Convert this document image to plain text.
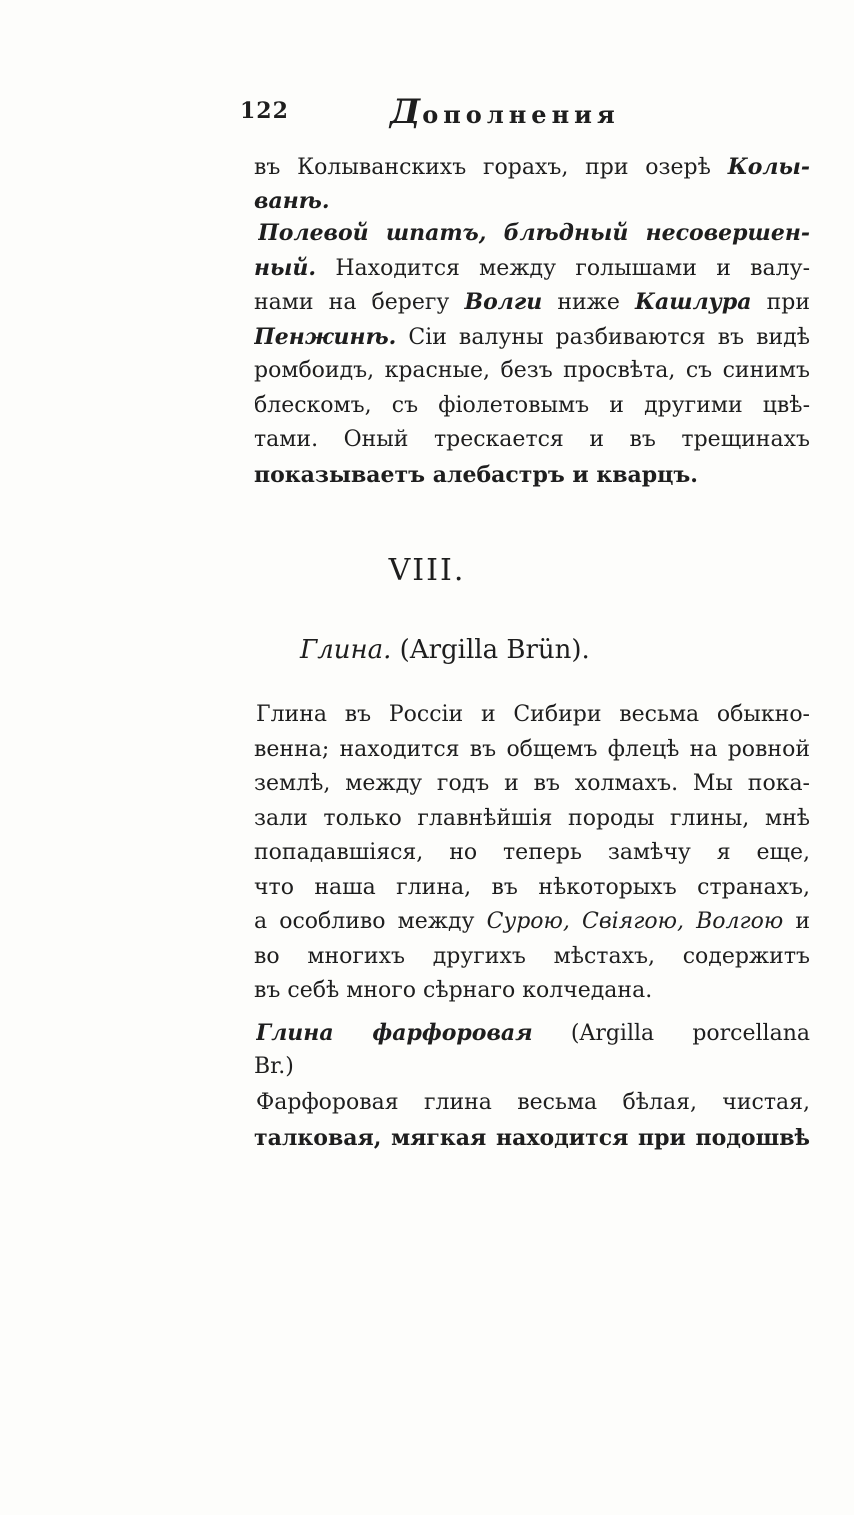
122	Дополнения
въ Колыванскихъ горахъ, при озерѣ Колы-
ванѣ.
Полевой шпатъ, блѣдный несовершен-
ный. Находится между голышами и валу-
нами на берегу Волги ниже Кашлура при
Пенжинѣ. Сіи валуны разбиваются въ видѣ
ромбоидъ, красные, безъ просвѣта, съ синимъ
блескомъ, съ фіолетовымъ и другими цвѣ-
тами. Оный трескается и въ трещинахъ
показываетъ алебастръ и кварцъ.
VIII.
Глина. (Argilla Brün).
Глина въ Россіи и Сибири весьма обыкно-
венна; находится въ общемъ флецѣ на ровной
землѣ, между годъ и въ холмахъ. Мы пока-
зали только главнѣйшія породы глины, мнѣ
попадавшіяся, но теперь замѣчу я еще,
что наша глина, въ нѣкоторыхъ странахъ,
а особливо между Сурою, Свіягою, Волгою и
во многихъ другихъ мѣстахъ, содержитъ
въ себѣ много сѣрнаго колчедана.
Глина фарфоровая (Argilla porcellana
Br.)
Фарфоровая глина весьма бѣлая, чистая,
талковая, мягкая находится при подошвѣ
